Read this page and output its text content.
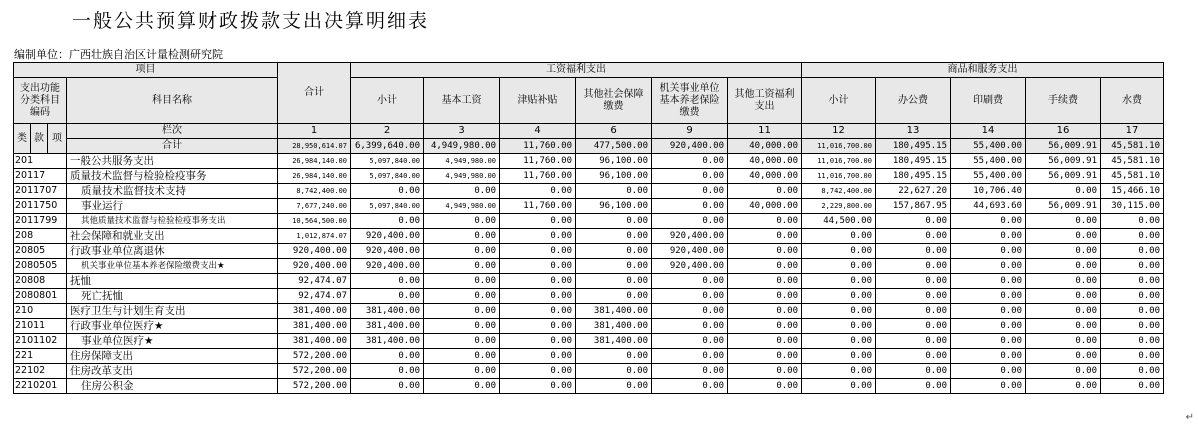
一般公共预算财政拨款支出决算明细表
编制单位：广西壮族自治区计量检测研究院
项目				合计	工资福利支出						商品和服务支出				
支出功能分类科目编码			科目名称		小计	基本工资	津贴补贴	其他社会保障缴费	机关事业单位基本养老保险缴费	其他工资福利支出	小计	办公费	印刷费	手续费	水费

类	款	项	栏次	1	2	3	4	6	9	11	12	13	14	16	17
			合计	28,950,614.07	6,399,640.00	4,949,980.00	11,760.00	477,500.00	920,400.00	40,000.00	11,016,700.00	180,495.15	55,400.00	56,009.91	45,581.10
201			一般公共服务支出	26,984,140.00	5,097,840.00	4,949,980.00	11,760.00	96,100.00	0.00	40,000.00	11,016,700.00	180,495.15	55,400.00	56,009.91	45,581.10
20117			质量技术监督与检验检疫事务	26,984,140.00	5,097,840.00	4,949,980.00	11,760.00	96,100.00	0.00	40,000.00	11,016,700.00	180,495.15	55,400.00	56,009.91	45,581.10
2011707			质量技术监督技术支持	8,742,400.00	0.00	0.00	0.00	0.00	0.00	0.00	8,742,400.00	22,627.20	10,706.40	0.00	15,466.10
2011750			事业运行	7,677,240.00	5,097,840.00	4,949,980.00	11,760.00	96,100.00	0.00	40,000.00	2,229,800.00	157,867.95	44,693.60	56,009.91	30,115.00
2011799			其他质量技术监督与检验检疫事务支出	10,564,500.00	0.00	0.00	0.00	0.00	0.00	0.00	44,500.00	0.00	0.00	0.00	0.00
208			社会保障和就业支出	1,012,874.07	920,400.00	0.00	0.00	0.00	920,400.00	0.00	0.00	0.00	0.00	0.00	0.00
20805			行政事业单位离退休	920,400.00	920,400.00	0.00	0.00	0.00	920,400.00	0.00	0.00	0.00	0.00	0.00	0.00
2080505			机关事业单位基本养老保险缴费支出★	920,400.00	920,400.00	0.00	0.00	0.00	920,400.00	0.00	0.00	0.00	0.00	0.00	0.00
20808			抚恤	92,474.07	0.00	0.00	0.00	0.00	0.00	0.00	0.00	0.00	0.00	0.00	0.00
2080801			死亡抚恤	92,474.07	0.00	0.00	0.00	0.00	0.00	0.00	0.00	0.00	0.00	0.00	0.00
210			医疗卫生与计划生育支出	381,400.00	381,400.00	0.00	0.00	381,400.00	0.00	0.00	0.00	0.00	0.00	0.00	0.00
21011			行政事业单位医疗★	381,400.00	381,400.00	0.00	0.00	381,400.00	0.00	0.00	0.00	0.00	0.00	0.00	0.00
2101102			事业单位医疗★	381,400.00	381,400.00	0.00	0.00	381,400.00	0.00	0.00	0.00	0.00	0.00	0.00	0.00
221			住房保障支出	572,200.00	0.00	0.00	0.00	0.00	0.00	0.00	0.00	0.00	0.00	0.00	0.00
22102			住房改革支出	572,200.00	0.00	0.00	0.00	0.00	0.00	0.00	0.00	0.00	0.00	0.00	0.00
2210201			住房公积金	572,200.00	0.00	0.00	0.00	0.00	0.00	0.00	0.00	0.00	0.00	0.00	0.00
↵
